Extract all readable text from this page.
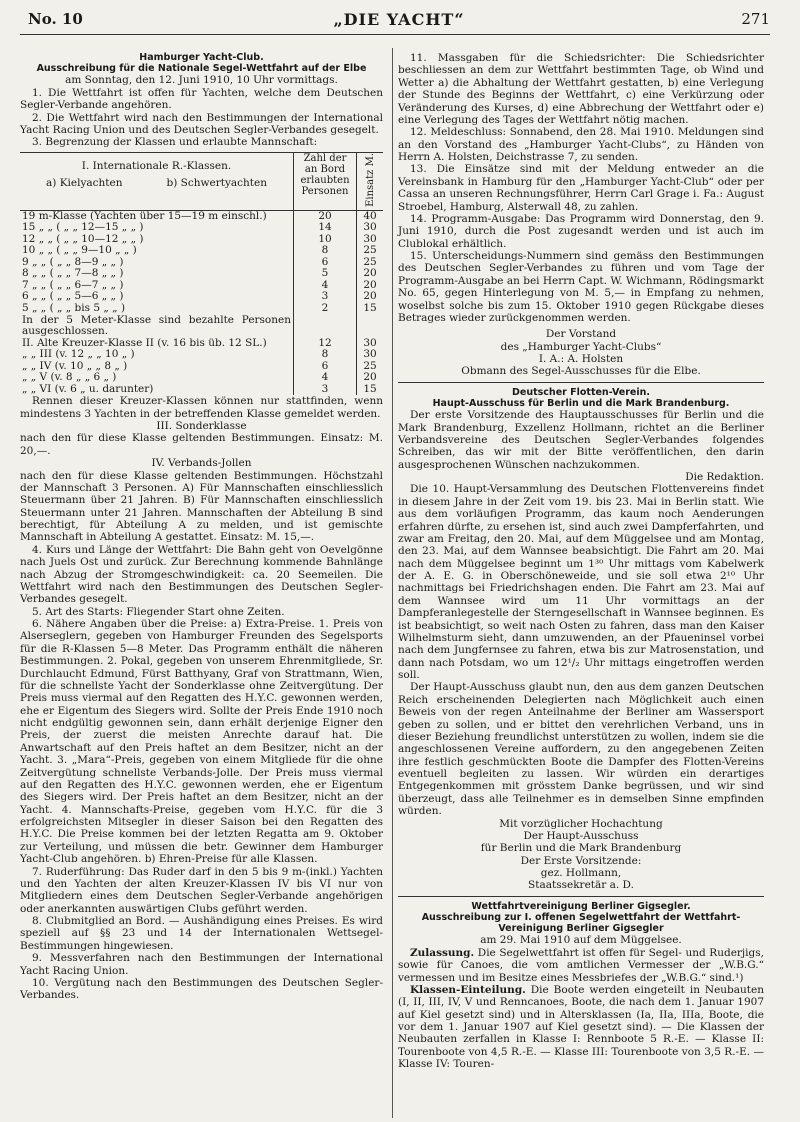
No. 10	„DIE YACHT“	271

Hamburger Yacht-Club.

Ausschreibung für die Nationale Segel-Wettfahrt auf der Elbe

am Sonntag, den 12. Juni 1910, 10 Uhr vormittags.

1. Die Wettfahrt ist offen für Yachten, welche dem Deutschen Segler-Verbande angehören.

2. Die Wettfahrt wird nach den Bestimmungen der International Yacht Racing Union und des Deutschen Segler-Verbandes gesegelt.

3. Begrenzung der Klassen und erlaubte Mannschaft:

I. Internationale R.-Klassen.
a) Kielyachten b) Schwertyachten	Zahl der an Bord erlaubten Personen	Einsatz M.
19 m-Klasse (Yachten über 15—19 m einschl.)	20	40
15 „ „ ( „ „ 12—15 „ „ )	14	30
12 „ „ ( „ „ 10—12 „ „ )	10	30
10 „ „ ( „ „ 9—10 „ „ )	8	25
9 „ „ ( „ „ 8—9 „ „ )	6	25
8 „ „ ( „ „ 7—8 „ „ )	5	20
7 „ „ ( „ „ 6—7 „ „ )	4	20
6 „ „ ( „ „ 5—6 „ „ )	3	20
5 „ „ ( „ „ bis 5 „ „ )	2	15
In der 5 Meter-Klasse sind bezahlte Personen ausgeschlossen.		
II. Alte Kreuzer-Klasse II (v. 16 bis üb. 12 SL.)	12	30
„ „ III (v. 12 „ „ 10 „ )	8	30
„ „ IV (v. 10 „ „ 8 „ )	6	25
„ „ V (v. 8 „ „ 6 „ )	4	20
„ „ VI (v. 6 „ u. darunter)	3	15

Rennen dieser Kreuzer-Klassen können nur stattfinden, wenn mindestens 3 Yachten in der betreffenden Klasse gemeldet werden.

III. Sonderklasse

nach den für diese Klasse geltenden Bestimmungen. Einsatz: M. 20,—.

IV. Verbands-Jollen

nach den für diese Klasse geltenden Bestimmungen. Höchstzahl der Mannschaft 3 Personen. A) Für Mannschaften einschliesslich Steuermann über 21 Jahren. B) Für Mannschaften einschliesslich Steuermann unter 21 Jahren. Mannschaften der Abteilung B sind berechtigt, für Abteilung A zu melden, und ist gemischte Mannschaft in Abteilung A gestattet. Einsatz: M. 15,—.

4. Kurs und Länge der Wettfahrt: Die Bahn geht von Oevelgönne nach Juels Ost und zurück. Zur Berechnung kommende Bahnlänge nach Abzug der Stromgeschwindigkeit: ca. 20 Seemeilen. Die Wettfahrt wird nach den Bestimmungen des Deutschen Segler-Verbandes gesegelt.

5. Art des Starts: Fliegender Start ohne Zeiten.

6. Nähere Angaben über die Preise: a) Extra-Preise. 1. Preis von Alserseglern, gegeben von Hamburger Freunden des Segelsports für die R-Klassen 5—8 Meter. Das Programm enthält die näheren Bestimmungen. 2. Pokal, gegeben von unserem Ehrenmitgliede, Sr. Durchlaucht Edmund, Fürst Batthyany, Graf von Strattmann, Wien, für die schnellste Yacht der Sonderklasse ohne Zeitvergütung. Der Preis muss viermal auf den Regatten des H.Y.C. gewonnen werden, ehe er Eigentum des Siegers wird. Sollte der Preis Ende 1910 noch nicht endgültig gewonnen sein, dann erhält derjenige Eigner den Preis, der zuerst die meisten Anrechte darauf hat. Die Anwartschaft auf den Preis haftet an dem Besitzer, nicht an der Yacht. 3. „Mara“-Preis, gegeben von einem Mitgliede für die ohne Zeitvergütung schnellste Verbands-Jolle. Der Preis muss viermal auf den Regatten des H.Y.C. gewonnen werden, ehe er Eigentum des Siegers wird. Der Preis haftet an dem Besitzer, nicht an der Yacht. 4. Mannschafts-Preise, gegeben vom H.Y.C. für die 3 erfolgreichsten Mitsegler in dieser Saison bei den Regatten des H.Y.C. Die Preise kommen bei der letzten Regatta am 9. Oktober zur Verteilung, und müssen die betr. Gewinner dem Hamburger Yacht-Club angehören. b) Ehren-Preise für alle Klassen.

7. Ruderführung: Das Ruder darf in den 5 bis 9 m-(inkl.) Yachten und den Yachten der alten Kreuzer-Klassen IV bis VI nur von Mitgliedern eines dem Deutschen Segler-Verbande angehörigen oder anerkannten auswärtigen Clubs geführt werden.

8. Clubmitglied an Bord. — Aushändigung eines Preises. Es wird speziell auf §§ 23 und 14 der Internationalen Wettsegel-Bestimmungen hingewiesen.

9. Messverfahren nach den Bestimmungen der International Yacht Racing Union.

10. Vergütung nach den Bestimmungen des Deutschen Segler-Verbandes.

11. Massgaben für die Schiedsrichter: Die Schiedsrichter beschliessen an dem zur Wettfahrt bestimmten Tage, ob Wind und Wetter a) die Abhaltung der Wettfahrt gestatten, b) eine Verlegung der Stunde des Beginns der Wettfahrt, c) eine Verkürzung oder Veränderung des Kurses, d) eine Abbrechung der Wettfahrt oder e) eine Verlegung des Tages der Wettfahrt nötig machen.

12. Meldeschluss: Sonnabend, den 28. Mai 1910. Meldungen sind an den Vorstand des „Hamburger Yacht-Clubs“, zu Händen von Herrn A. Holsten, Deichstrasse 7, zu senden.

13. Die Einsätze sind mit der Meldung entweder an die Vereinsbank in Hamburg für den „Hamburger Yacht-Club“ oder per Cassa an unseren Rechnungsführer, Herrn Carl Grage i. Fa.: August Stroebel, Hamburg, Alsterwall 48, zu zahlen.

14. Programm-Ausgabe: Das Programm wird Donnerstag, den 9. Juni 1910, durch die Post zugesandt werden und ist auch im Clublokal erhältlich.

15. Unterscheidungs-Nummern sind gemäss den Bestimmungen des Deutschen Segler-Verbandes zu führen und vom Tage der Programm-Ausgabe an bei Herrn Capt. W. Wichmann, Rödingsmarkt No. 65, gegen Hinterlegung von M. 5,— in Empfang zu nehmen, woselbst solche bis zum 15. Oktober 1910 gegen Rückgabe dieses Betrages wieder zurückgenommen werden.

Der Vorstand

des „Hamburger Yacht-Clubs“

I. A.: A. Holsten

Obmann des Segel-Ausschusses für die Elbe.

Deutscher Flotten-Verein.

Haupt-Ausschuss für Berlin und die Mark Brandenburg.

Der erste Vorsitzende des Hauptausschusses für Berlin und die Mark Brandenburg, Exzellenz Hollmann, richtet an die Berliner Verbandsvereine des Deutschen Segler-Verbandes folgendes Schreiben, das wir mit der Bitte veröffentlichen, den darin ausgesprochenen Wünschen nachzukommen.

Die Redaktion.

Die 10. Haupt-Versammlung des Deutschen Flottenvereins findet in diesem Jahre in der Zeit vom 19. bis 23. Mai in Berlin statt. Wie aus dem vorläufigen Programm, das kaum noch Aenderungen erfahren dürfte, zu ersehen ist, sind auch zwei Dampferfahrten, und zwar am Freitag, den 20. Mai, auf dem Müggelsee und am Montag, den 23. Mai, auf dem Wannsee beabsichtigt. Die Fahrt am 20. Mai nach dem Müggelsee beginnt um 1³⁰ Uhr mittags vom Kabelwerk der A. E. G. in Oberschöneweide, und sie soll etwa 2¹⁰ Uhr nachmittags bei Friedrichshagen enden. Die Fahrt am 23. Mai auf dem Wannsee wird um 11 Uhr vormittags an der Dampferanlegestelle der Sterngesellschaft in Wannsee beginnen. Es ist beabsichtigt, so weit nach Osten zu fahren, dass man den Kaiser Wilhelmsturm sieht, dann umzuwenden, an der Pfaueninsel vorbei nach dem Jungfernsee zu fahren, etwa bis zur Matrosenstation, und dann nach Potsdam, wo um 12¹/₂ Uhr mittags eingetroffen werden soll.

Der Haupt-Ausschuss glaubt nun, den aus dem ganzen Deutschen Reich erscheinenden Delegierten nach Möglichkeit auch einen Beweis von der regen Anteilnahme der Berliner am Wassersport geben zu sollen, und er bittet den verehrlichen Verband, uns in dieser Beziehung freundlichst unterstützen zu wollen, indem sie die angeschlossenen Vereine auffordern, zu den angegebenen Zeiten ihre festlich geschmückten Boote die Dampfer des Flotten-Vereins eventuell begleiten zu lassen. Wir würden ein derartiges Entgegenkommen mit grösstem Danke begrüssen, und wir sind überzeugt, dass alle Teilnehmer es in demselben Sinne empfinden würden.

Mit vorzüglicher Hochachtung

Der Haupt-Ausschuss

für Berlin und die Mark Brandenburg

Der Erste Vorsitzende:

gez. Hollmann,

Staatssekretär a. D.

Wettfahrtvereinigung Berliner Gigsegler.

Ausschreibung zur I. offenen Segelwettfahrt der Wettfahrt-Vereinigung Berliner Gigsegler

am 29. Mai 1910 auf dem Müggelsee.

Zulassung. Die Segelwettfahrt ist offen für Segel- und Ruderjigs, sowie für Canoes, die vom amtlichen Vermesser der „W.B.G.“ vermessen und im Besitze eines Messbriefes der „W.B.G.“ sind.¹)

Klassen-Einteilung. Die Boote werden eingeteilt in Neubauten (I, II, III, IV, V und Renncanoes, Boote, die nach dem 1. Januar 1907 auf Kiel gesetzt sind) und in Altersklassen (Ia, IIa, IIIa, Boote, die vor dem 1. Januar 1907 auf Kiel gesetzt sind). — Die Klassen der Neubauten zerfallen in Klasse I: Rennboote 5 R.-E. — Klasse II: Tourenboote von 4,5 R.-E. — Klasse III: Tourenboote von 3,5 R.-E. — Klasse IV: Touren-
